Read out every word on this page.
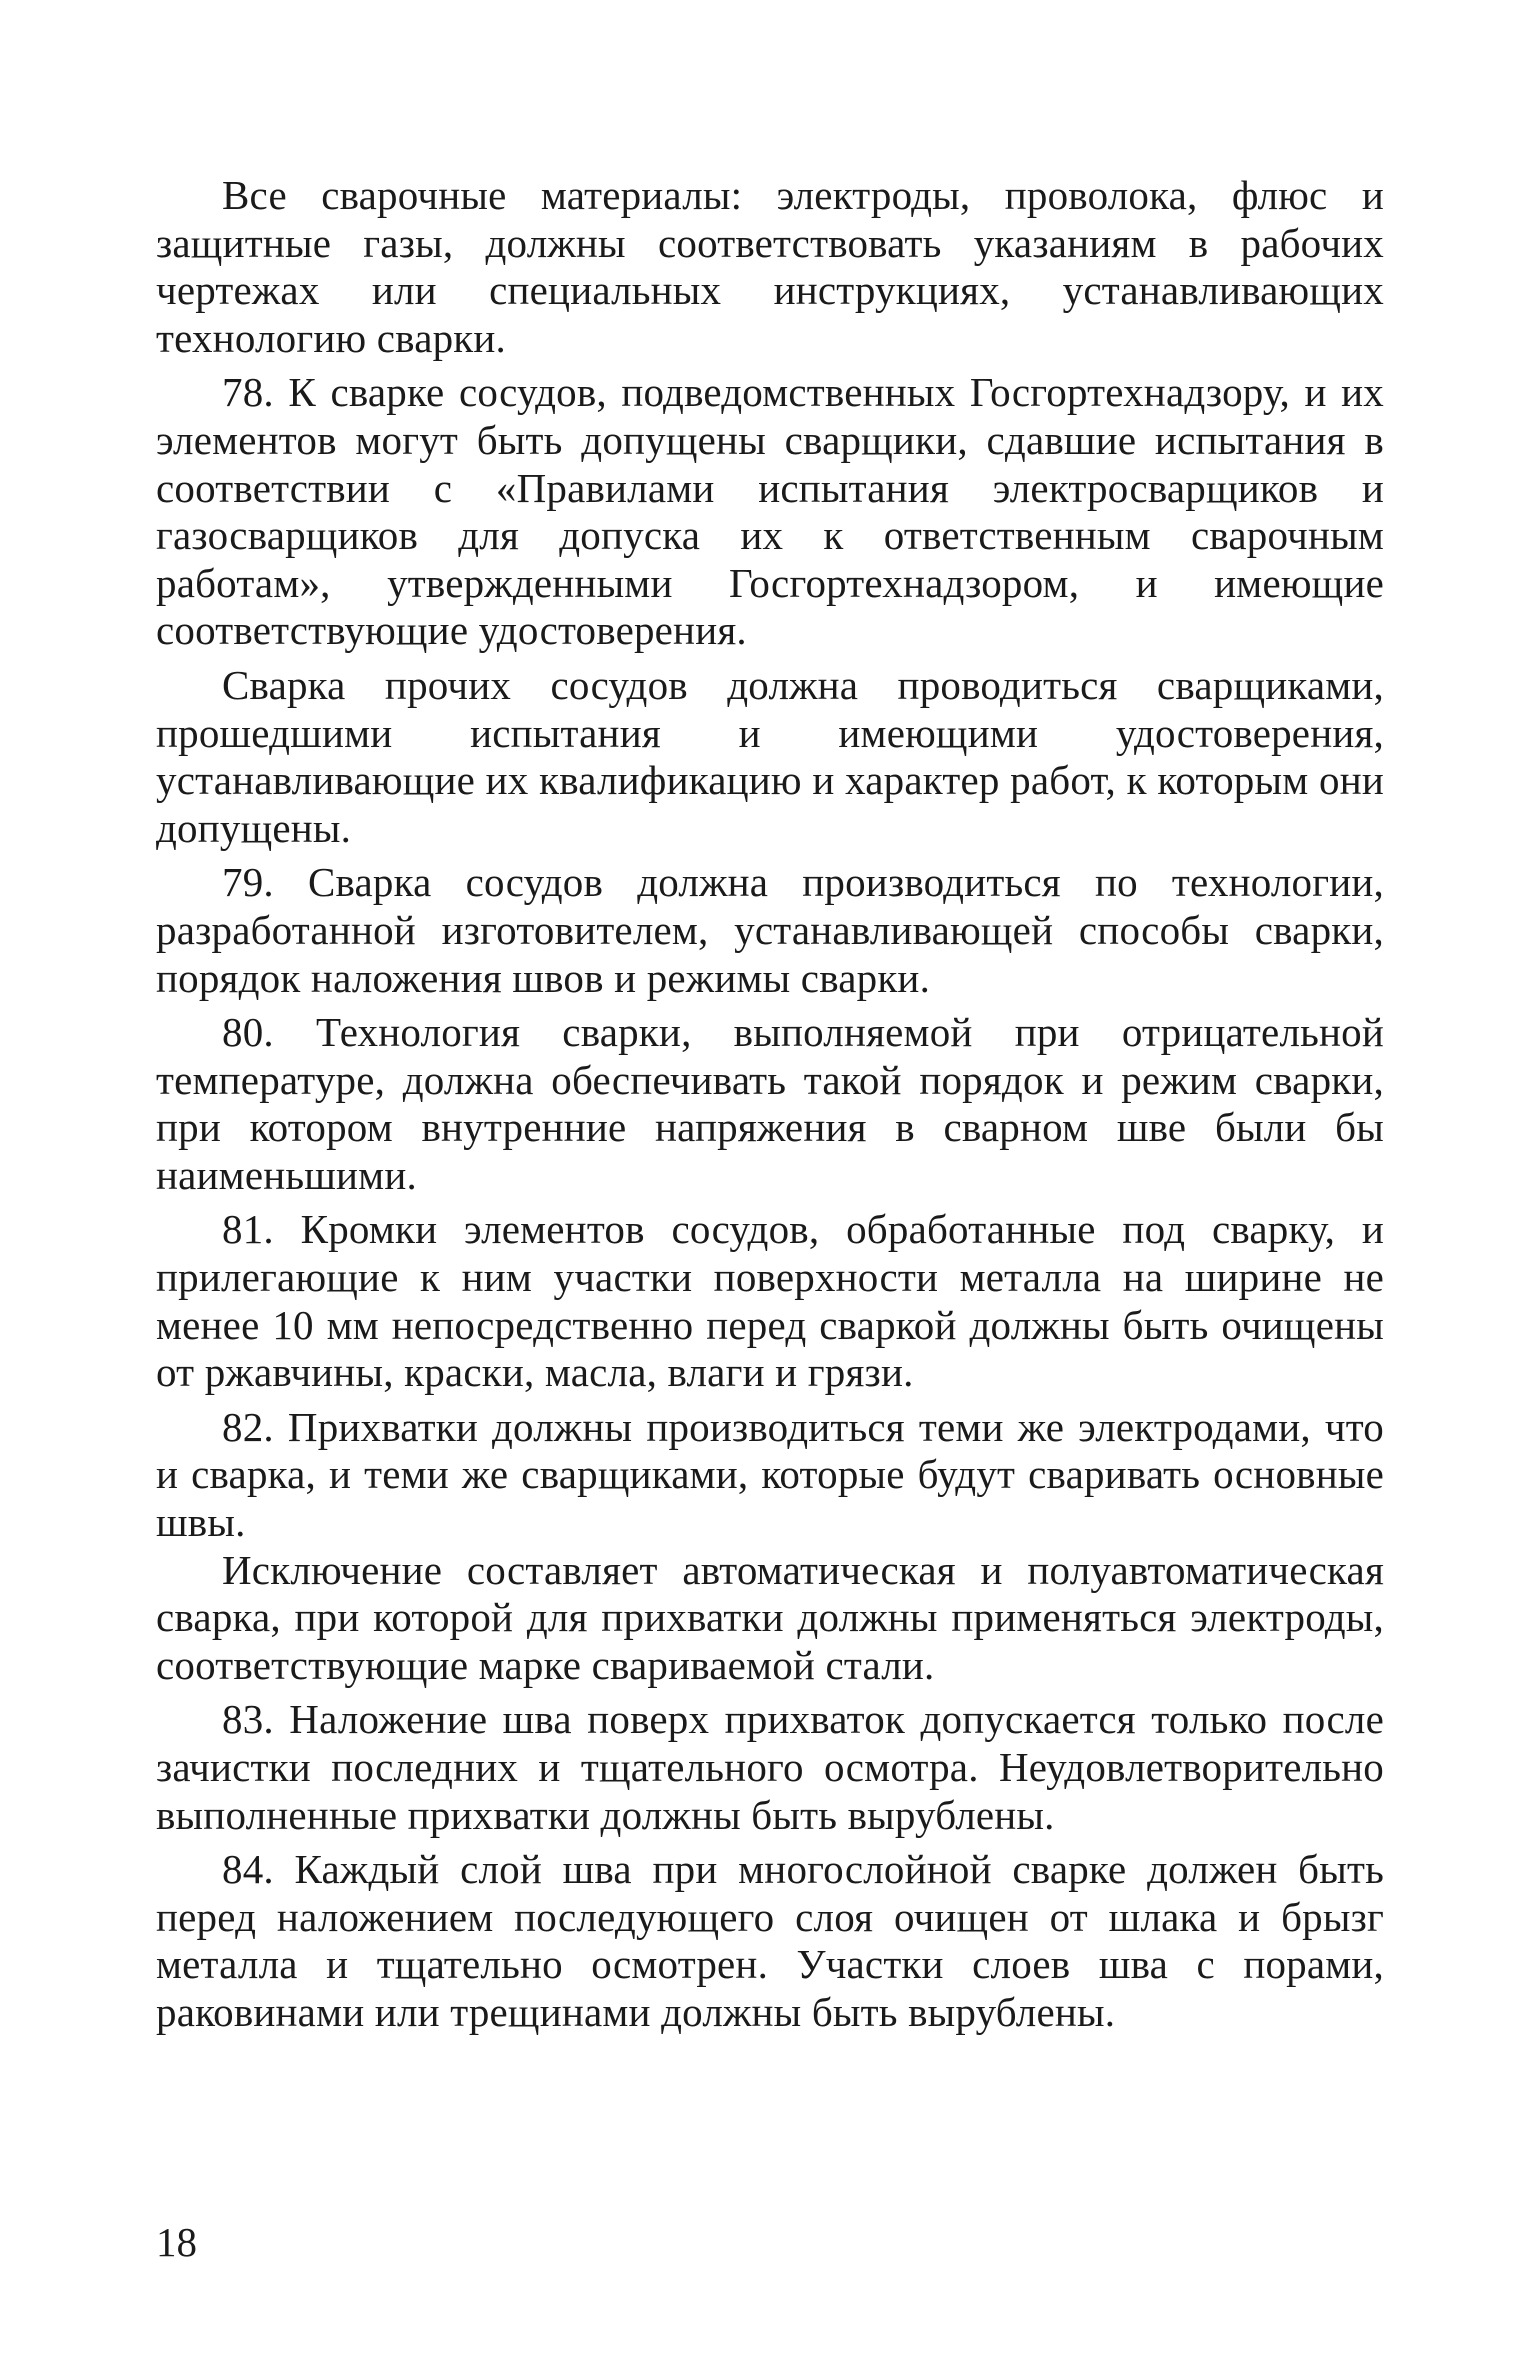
Все сварочные материалы: электроды, проволока, флюс и защитные газы, должны соответствовать указаниям в рабочих чертежах или специальных инструкциях, устанавливающих технологию сварки.

78. К сварке сосудов, подведомственных Госгортехнадзору, и их элементов могут быть допущены сварщики, сдавшие испытания в соответствии с «Правилами испытания электросварщиков и газосварщиков для допуска их к ответственным сварочным работам», утвержденными Госгортехнадзором, и имеющие соответствующие удостоверения.

Сварка прочих сосудов должна проводиться сварщиками, прошедшими испытания и имеющими удостоверения, устанавливающие их квалификацию и характер работ, к которым они допущены.

79. Сварка сосудов должна производиться по технологии, разработанной изготовителем, устанавливающей способы сварки, порядок наложения швов и режимы сварки.

80. Технология сварки, выполняемой при отрицательной температуре, должна обеспечивать такой порядок и режим сварки, при котором внутренние напряжения в сварном шве были бы наименьшими.

81. Кромки элементов сосудов, обработанные под сварку, и прилегающие к ним участки поверхности металла на ширине не менее 10 мм непосредственно перед сваркой должны быть очищены от ржавчины, краски, масла, влаги и грязи.

82. Прихватки должны производиться теми же электродами, что и сварка, и теми же сварщиками, которые будут сваривать основные швы.

Исключение составляет автоматическая и полуавтоматическая сварка, при которой для прихватки должны применяться электроды, соответствующие марке свариваемой стали.

83. Наложение шва поверх прихваток допускается только после зачистки последних и тщательного осмотра. Неудовлетворительно выполненные прихватки должны быть вырублены.

84. Каждый слой шва при многослойной сварке должен быть перед наложением последующего слоя очищен от шлака и брызг металла и тщательно осмотрен. Участки слоев шва с порами, раковинами или трещинами должны быть вырублены.

18
